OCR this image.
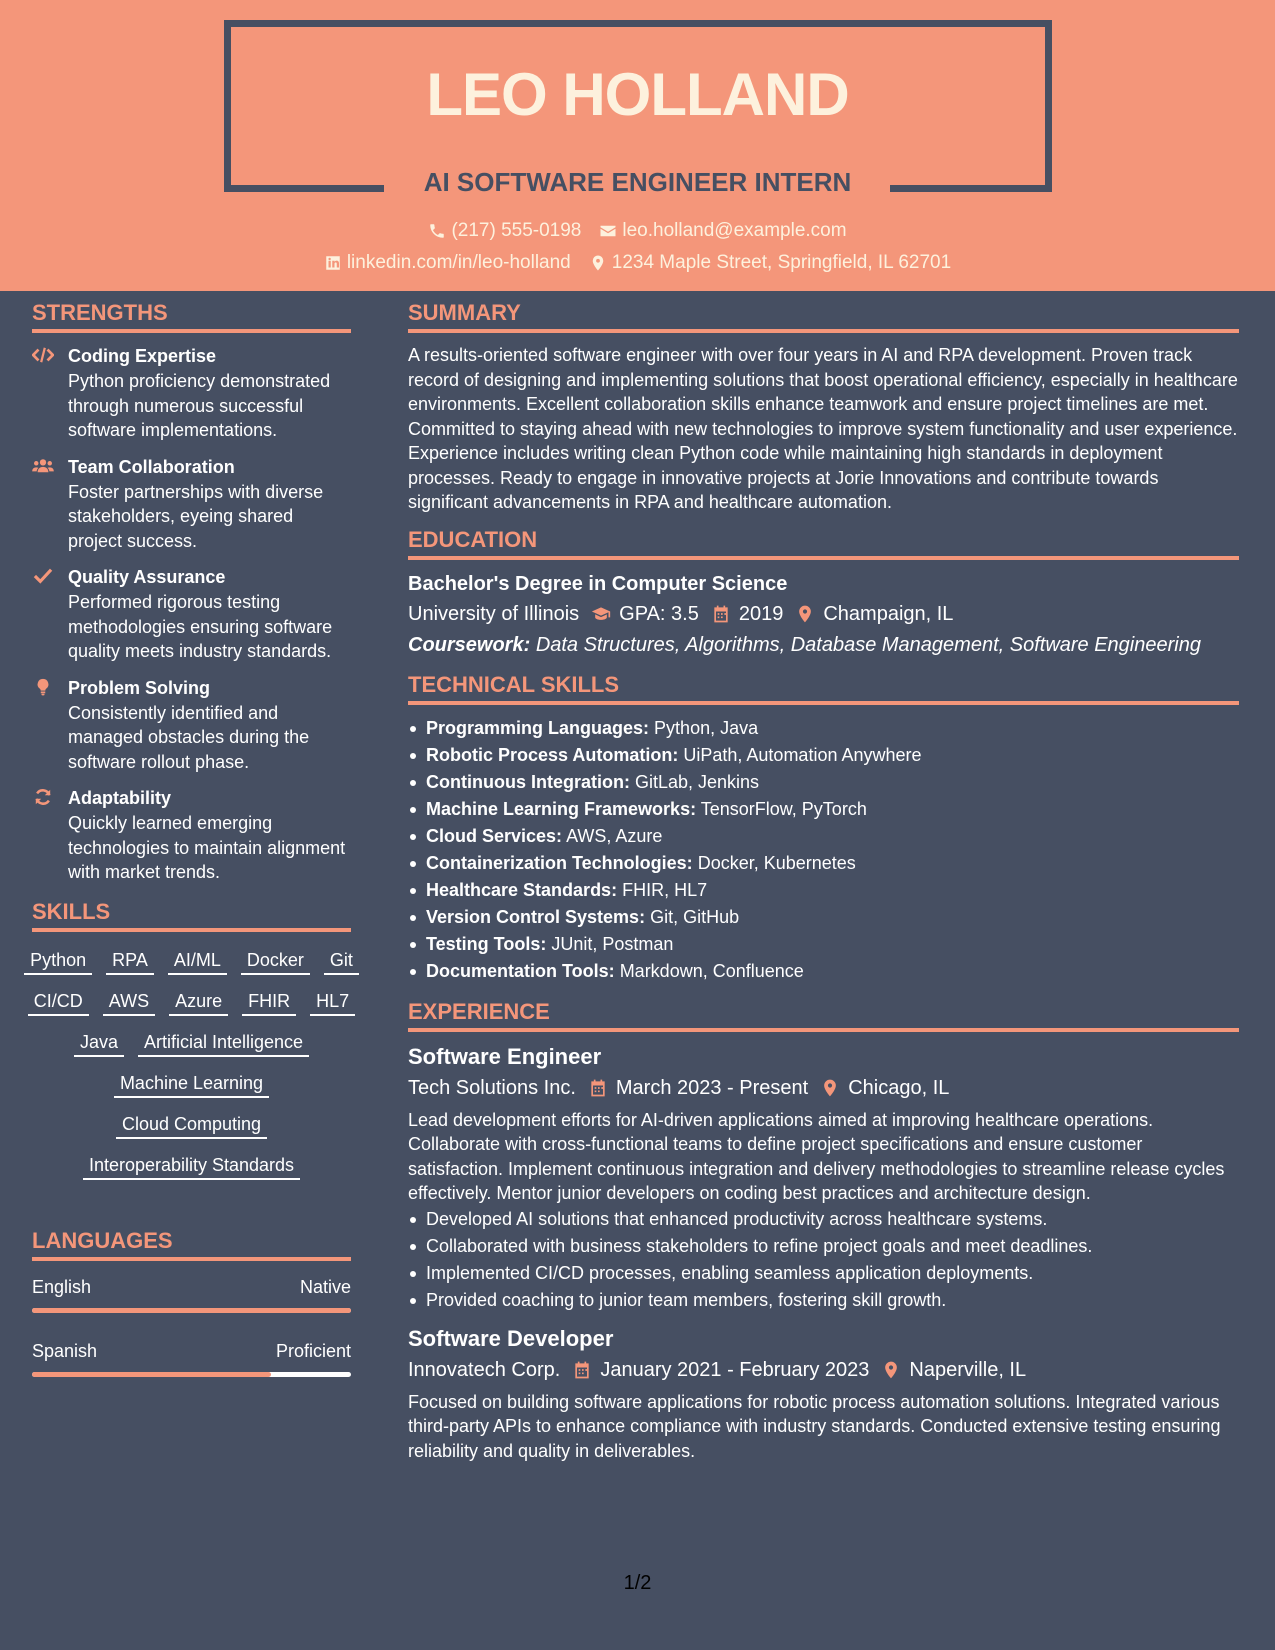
LEO HOLLAND
AI SOFTWARE ENGINEER INTERN
(217) 555-0198 leo.holland@example.com
linkedin.com/in/leo-holland 1234 Maple Street, Springfield, IL 62701
STRENGTHS
Coding Expertise
Python proficiency demonstrated through numerous successful software implementations.
Team Collaboration
Foster partnerships with diverse stakeholders, eyeing shared project success.
Quality Assurance
Performed rigorous testing methodologies ensuring software quality meets industry standards.
Problem Solving
Consistently identified and managed obstacles during the software rollout phase.
Adaptability
Quickly learned emerging technologies to maintain alignment with market trends.
SKILLS
Python	RPA	AI/ML	Docker	Git
CI/CD	AWS	Azure	FHIR	HL7
Java	Artificial Intelligence
Machine Learning
Cloud Computing
Interoperability Standards
LANGUAGES
English	Native
Spanish	Proficient
SUMMARY
A results-oriented software engineer with over four years in AI and RPA development. Proven track record of designing and implementing solutions that boost operational efficiency, especially in healthcare environments. Excellent collaboration skills enhance teamwork and ensure project timelines are met. Committed to staying ahead with new technologies to improve system functionality and user experience. Experience includes writing clean Python code while maintaining high standards in deployment processes. Ready to engage in innovative projects at Jorie Innovations and contribute towards significant advancements in RPA and healthcare automation.
EDUCATION
Bachelor's Degree in Computer Science
University of Illinois GPA: 3.5 2019 Champaign, IL
Coursework: Data Structures, Algorithms, Database Management, Software Engineering
TECHNICAL SKILLS
Programming Languages: Python, Java
Robotic Process Automation: UiPath, Automation Anywhere
Continuous Integration: GitLab, Jenkins
Machine Learning Frameworks: TensorFlow, PyTorch
Cloud Services: AWS, Azure
Containerization Technologies: Docker, Kubernetes
Healthcare Standards: FHIR, HL7
Version Control Systems: Git, GitHub
Testing Tools: JUnit, Postman
Documentation Tools: Markdown, Confluence
EXPERIENCE
Software Engineer
Tech Solutions Inc. March 2023 - Present Chicago, IL
Lead development efforts for AI-driven applications aimed at improving healthcare operations. Collaborate with cross-functional teams to define project specifications and ensure customer satisfaction. Implement continuous integration and delivery methodologies to streamline release cycles effectively. Mentor junior developers on coding best practices and architecture design.
Developed AI solutions that enhanced productivity across healthcare systems.
Collaborated with business stakeholders to refine project goals and meet deadlines.
Implemented CI/CD processes, enabling seamless application deployments.
Provided coaching to junior team members, fostering skill growth.
Software Developer
Innovatech Corp. January 2021 - February 2023 Naperville, IL
Focused on building software applications for robotic process automation solutions. Integrated various third-party APIs to enhance compliance with industry standards. Conducted extensive testing ensuring reliability and quality in deliverables.
1/2
